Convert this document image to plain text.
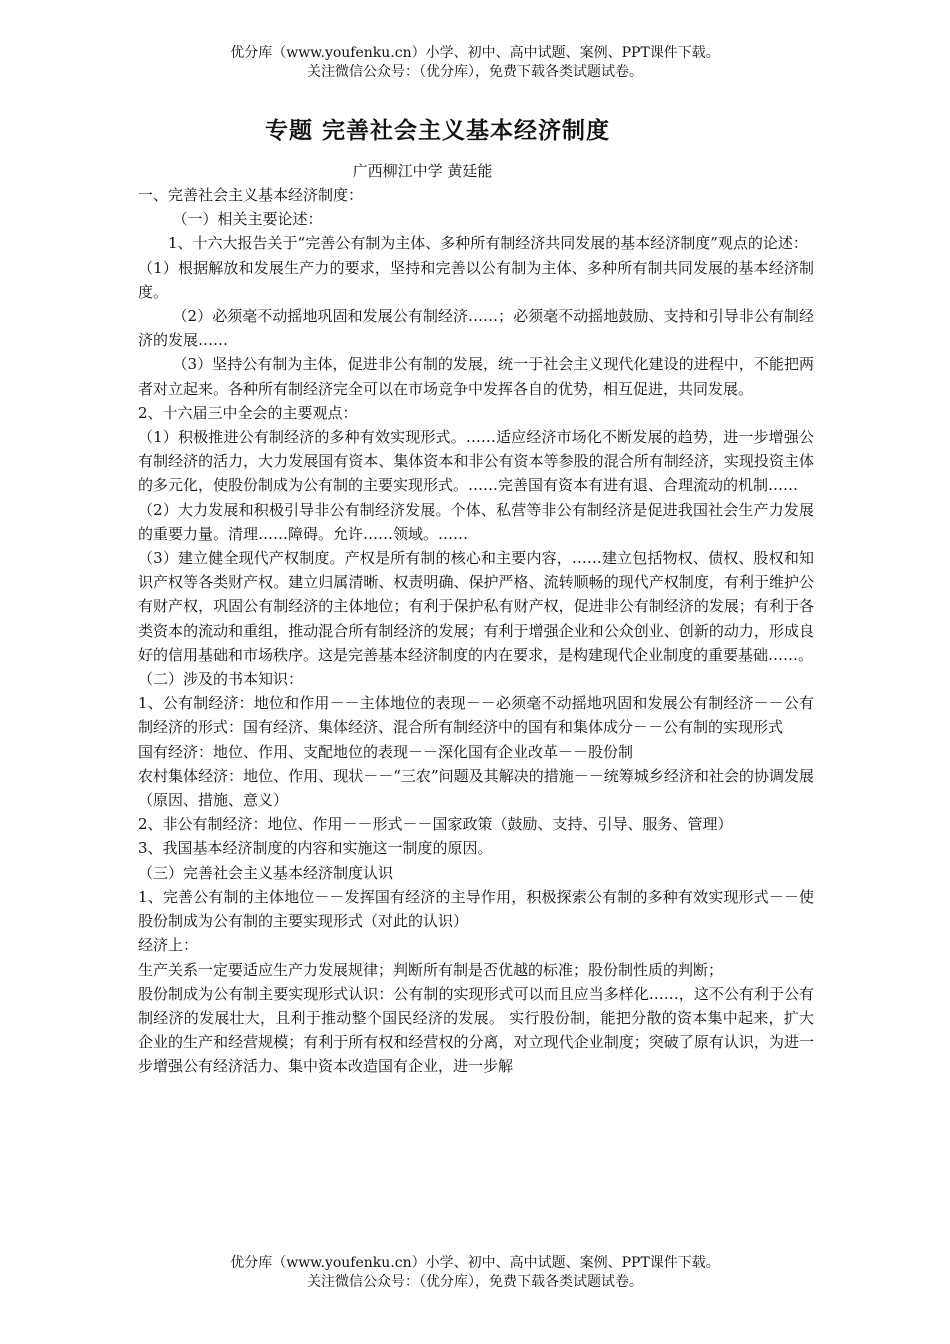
优分库（www.youfenku.cn）小学、初中、高中试题、案例、PPT课件下载。
关注微信公众号：（优分库），免费下载各类试题试卷。
专题 完善社会主义基本经济制度
广西柳江中学 黄廷能

一、完善社会主义基本经济制度：

（一）相关主要论述：

1、十六大报告关于“完善公有制为主体、多种所有制经济共同发展的基本经济制度”观点的论述：

（1）根据解放和发展生产力的要求，坚持和完善以公有制为主体、多种所有制共同发展的基本经济制度。

（2）必须毫不动摇地巩固和发展公有制经济……；必须毫不动摇地鼓励、支持和引导非公有制经济的发展……

（3）坚持公有制为主体，促进非公有制的发展，统一于社会主义现代化建设的进程中，不能把两者对立起来。各种所有制经济完全可以在市场竞争中发挥各自的优势，相互促进，共同发展。

2、十六届三中全会的主要观点：

（1）积极推进公有制经济的多种有效实现形式。……适应经济市场化不断发展的趋势，进一步增强公有制经济的活力，大力发展国有资本、集体资本和非公有资本等参股的混合所有制经济，实现投资主体的多元化，使股份制成为公有制的主要实现形式。……完善国有资本有进有退、合理流动的机制……

（2）大力发展和积极引导非公有制经济发展。个体、私营等非公有制经济是促进我国社会生产力发展的重要力量。清理……障碍。允许……领域。……

（3）建立健全现代产权制度。产权是所有制的核心和主要内容，……建立包括物权、债权、股权和知识产权等各类财产权。建立归属清晰、权责明确、保护严格、流转顺畅的现代产权制度，有利于维护公有财产权，巩固公有制经济的主体地位；有利于保护私有财产权，促进非公有制经济的发展；有利于各类资本的流动和重组，推动混合所有制经济的发展；有利于增强企业和公众创业、创新的动力，形成良好的信用基础和市场秩序。这是完善基本经济制度的内在要求，是构建现代企业制度的重要基础……。

（二）涉及的书本知识：

1、公有制经济：地位和作用－－主体地位的表现－－必须毫不动摇地巩固和发展公有制经济－－公有制经济的形式：国有经济、集体经济、混合所有制经济中的国有和集体成分－－公有制的实现形式

国有经济：地位、作用、支配地位的表现－－深化国有企业改革－－股份制

农村集体经济：地位、作用、现状－－“三农”问题及其解决的措施－－统筹城乡经济和社会的协调发展（原因、措施、意义）

2、非公有制经济：地位、作用－－形式－－国家政策（鼓励、支持、引导、服务、管理）

3、我国基本经济制度的内容和实施这一制度的原因。

（三）完善社会主义基本经济制度认识

1、完善公有制的主体地位－－发挥国有经济的主导作用，积极探索公有制的多种有效实现形式－－使股份制成为公有制的主要实现形式（对此的认识）

经济上：

生产关系一定要适应生产力发展规律；判断所有制是否优越的标准；股份制性质的判断；

股份制成为公有制主要实现形式认识：公有制的实现形式可以而且应当多样化……，这不公有利于公有制经济的发展壮大，且利于推动整个国民经济的发展。 实行股份制，能把分散的资本集中起来，扩大企业的生产和经营规模；有利于所有权和经营权的分离，对立现代企业制度；突破了原有认识，为进一步增强公有经济活力、集中资本改造国有企业，进一步解

优分库（www.youfenku.cn）小学、初中、高中试题、案例、PPT课件下载。
关注微信公众号：（优分库），免费下载各类试题试卷。
